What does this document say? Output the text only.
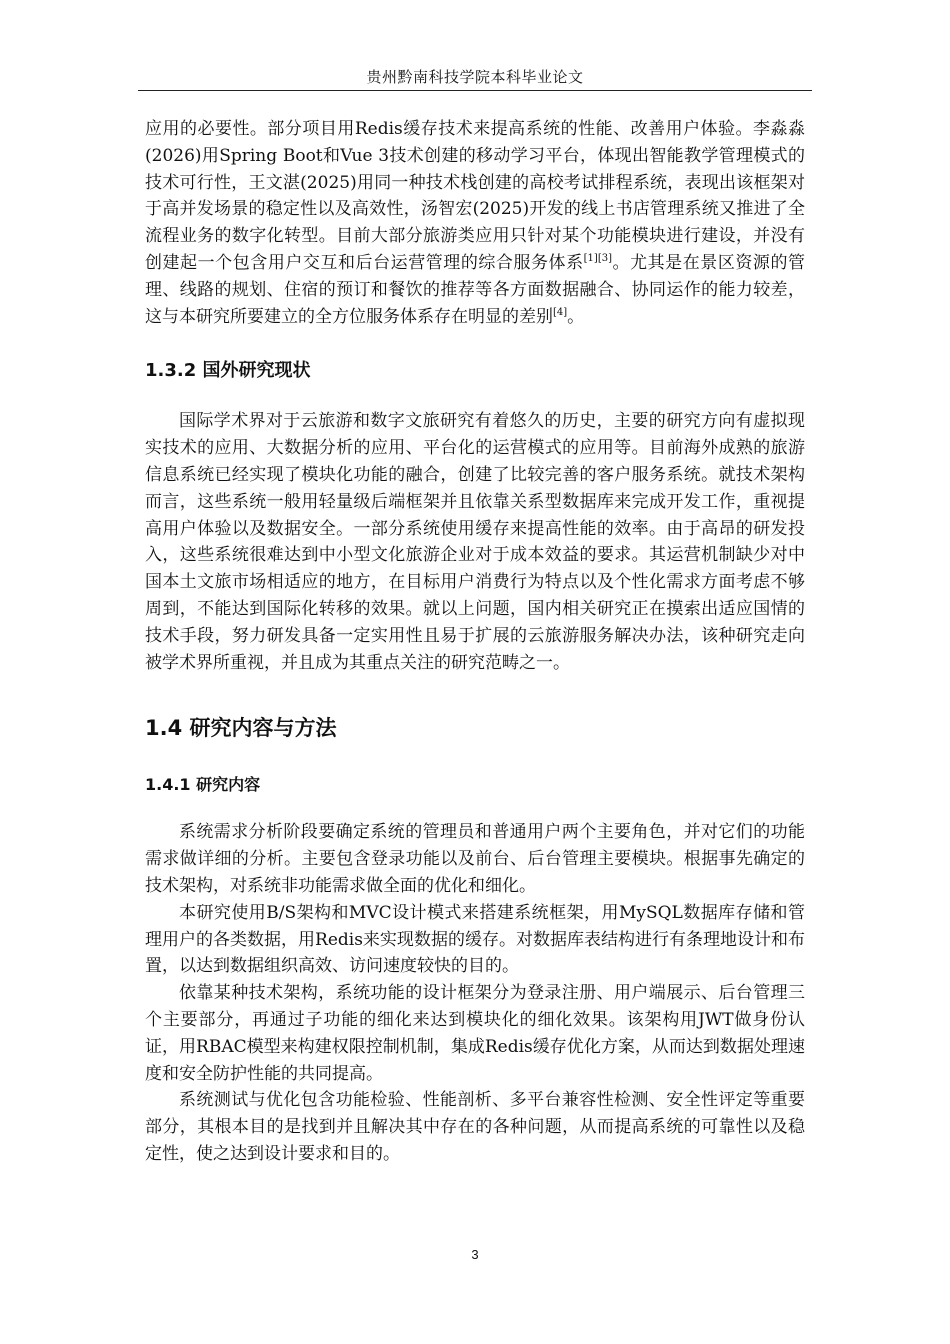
贵州黔南科技学院本科毕业论文

应用的必要性。部分项目用Redis缓存技术来提高系统的性能、改善用户体验。李淼淼(2026)用Spring Boot和Vue 3技术创建的移动学习平台，体现出智能教学管理模式的技术可行性，王文湛(2025)用同一种技术栈创建的高校考试排程系统，表现出该框架对于高并发场景的稳定性以及高效性，汤智宏(2025)开发的线上书店管理系统又推进了全流程业务的数字化转型。目前大部分旅游类应用只针对某个功能模块进行建设，并没有创建起一个包含用户交互和后台运营管理的综合服务体系[1][3]。尤其是在景区资源的管理、线路的规划、住宿的预订和餐饮的推荐等各方面数据融合、协同运作的能力较差，这与本研究所要建立的全方位服务体系存在明显的差别[4]。

1.3.2 国外研究现状

国际学术界对于云旅游和数字文旅研究有着悠久的历史，主要的研究方向有虚拟现实技术的应用、大数据分析的应用、平台化的运营模式的应用等。目前海外成熟的旅游信息系统已经实现了模块化功能的融合，创建了比较完善的客户服务系统。就技术架构而言，这些系统一般用轻量级后端框架并且依靠关系型数据库来完成开发工作，重视提高用户体验以及数据安全。一部分系统使用缓存来提高性能的效率。由于高昂的研发投入，这些系统很难达到中小型文化旅游企业对于成本效益的要求。其运营机制缺少对中国本土文旅市场相适应的地方，在目标用户消费行为特点以及个性化需求方面考虑不够周到，不能达到国际化转移的效果。就以上问题，国内相关研究正在摸索出适应国情的技术手段，努力研发具备一定实用性且易于扩展的云旅游服务解决办法，该种研究走向被学术界所重视，并且成为其重点关注的研究范畴之一。

1.4 研究内容与方法
1.4.1 研究内容

系统需求分析阶段要确定系统的管理员和普通用户两个主要角色，并对它们的功能需求做详细的分析。主要包含登录功能以及前台、后台管理主要模块。根据事先确定的技术架构，对系统非功能需求做全面的优化和细化。

本研究使用B/S架构和MVC设计模式来搭建系统框架，用MySQL数据库存储和管理用户的各类数据，用Redis来实现数据的缓存。对数据库表结构进行有条理地设计和布置，以达到数据组织高效、访问速度较快的目的。

依靠某种技术架构，系统功能的设计框架分为登录注册、用户端展示、后台管理三个主要部分，再通过子功能的细化来达到模块化的细化效果。该架构用JWT做身份认证，用RBAC模型来构建权限控制机制，集成Redis缓存优化方案，从而达到数据处理速度和安全防护性能的共同提高。

系统测试与优化包含功能检验、性能剖析、多平台兼容性检测、安全性评定等重要部分，其根本目的是找到并且解决其中存在的各种问题，从而提高系统的可靠性以及稳定性，使之达到设计要求和目的。

3
